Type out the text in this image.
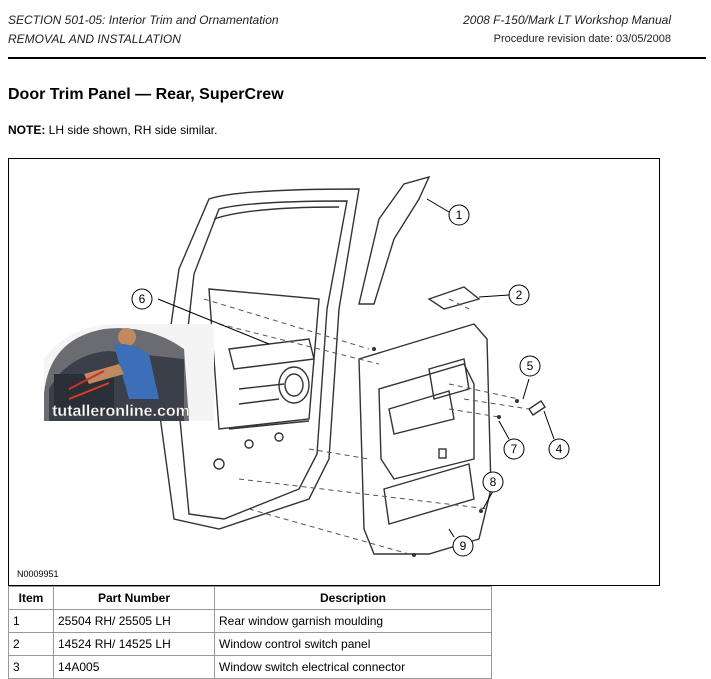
SECTION 501-05: Interior Trim and Ornamentation
REMOVAL AND INSTALLATION
2008 F-150/Mark LT Workshop Manual
Procedure revision date: 03/05/2008
Door Trim Panel — Rear, SuperCrew
NOTE: LH side shown, RH side similar.
1
2
5
4
6
7
8
9
tutalleronline.com
N0009951
Item	Part Number	Description
1	25504 RH/ 25505 LH	Rear window garnish moulding
2	14524 RH/ 14525 LH	Window control switch panel
3	14A005	Window switch electrical connector
